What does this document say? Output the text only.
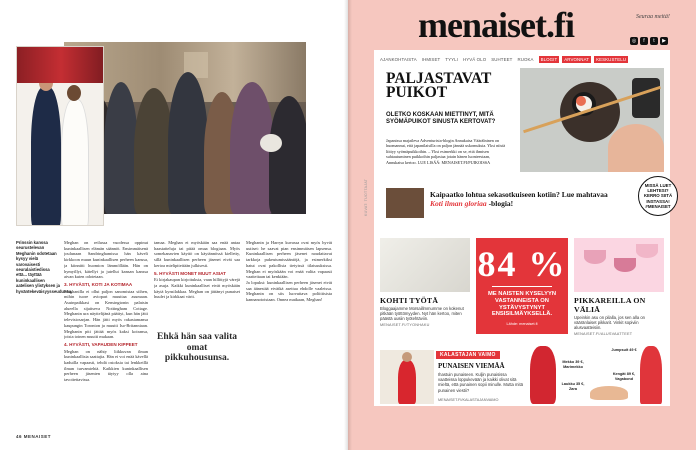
Prinssin kanssa seurustelevan Meghanin odotetaan kysyy vielä varovaisesti seuralaistiedissa että... täyttää kuninkaallisen aatelisen ylistyksen ja hyväntekeväisyysseudunsa.
Meghan on reilussa vuodessa oppinut kuninkaallisen elämän säännöt. Ensimmäisenä joulunaan Sandringhamissa hän käveli kirkkoon muun kuninkaallisen perheen kanssa, ja kiinnitti huomion lämmöllään. Hän on hymyillyt, kätellyt ja jutellut kansan kanssa aivan kuten odotetaan.
3. HYVÄSTI, KOTI JA KOTIMAA
Meghanilla ei ollut paljon sanomistaa siihen, mihin tuore aviopari muuttaa asumaan. Asuinpaikkasi on Kensingtonin palatsin alueella sijaitseva Nottingham Cottage. Meghanin ura näyttelijänä päättyi, kun hän jätti televisiosarjan. Hän jätti myös rakastamansa kaupungin Toronton ja muutti Iso-Britanniaan. Meghanin piti jättää myös kaksi koiransa, joista toinen muutti mukaan.
4. HYVÄSTI, VAPAUDEN KIPPEET
Meghan on nähty liikkuvan ilman kuninkaallisia saattajia. Hän ei voi enää kävellä kaduilla vapaasti, tehdä ostoksia tai lenkkeillä ilman turvamiehiä. Kaikkien kuninkaallisen perheen jäsenten täytyy olla aina tavoitettavissa.
tamaa. Meghan ei myöskään saa enää antaa haastatteluja tai pitää omaa blogiaan. Myös somekanavien käyttö on käytännössä kielletty, sillä kuninkaallisen perheen jäsenet eivät saa kertoa mielipiteitään julkisesti.
5. HYVÄSTI MONET MUUT ASIAT
Et kirjakaupan kirjoituksia, vaan hillittyjä värejä ja asuja. Kaikki kuninkaalliset eivät myöskään käytä kynsilakkaa. Meghan on jättänyt punaiset huulet ja kirkkaat värit.
Ehkä hän saa valita omat pikkuhousunsa.
Meghanin ja Harryn kuvassa ovat myös hyvät uutiset: he saavat pian ensimmäisen lapsensa. Kuninkaallisen perheen jäsenet noudattavat tarkkoja pukeutumissääntöjä, ja esimerkiksi hatut ovat pakollisia tietyissä tilaisuuksissa. Meghan ei myöskään voi enää valita vapaasti vaatteitaan tai kenkiään.
Ja lopuksi: kuninkaallisen perheen jäsenet eivät saa äänestää eivätkä asettua ehdolle vaaleissa. Meghanin on siis luovuttava poliittisista kannanotoistaan. Onnea matkaan, Meghan!
46 MENAISET
menaiset.fi	Seuraa meitä!
◎	f	t	▶
AJANKOHTAISTA IHMISET TYYLI HYVÄ OLO SUHTEET RUOKA	BLOGIT	ARVONNAT	KESKUSTELU
PALJASTAVAT PUIKOT
OLETKO KOSKAAN MIETTINYT, MITÄ SYÖMÄPUIKOT SINUSTA KERTOVAT?
Japanissa majaileva Adventurista-blogin Annukaisa Väärälninen on huomannut, että japanilaisilla on paljon jännää uskomuksia. Yksi niistä liittyy syömäpuikkoihin. – Yksi esimerkki on se, että ihmisen suhtautuminen puikkoihin paljastaa jotain hänen luonteestaan, Annukaisa kertoo. LUE LISÄÄ: MENAISET.FI/PUIKOISSA
Kaipaatko lohtua sekasotkuiseen kotiin? Lue mahtavaa Koti ilman gloriaa -blogia!
KOHTI TYÖTÄ
Bloggaajamme Morsaillmmumme on kokenut pitkään työttömyyden. Nyt hän kertoo, miten päästä uusiin työtehtäviin.
MENAISET.FI/TYONHAKU
84 %
ME NAISTEN KYSELYYN VASTANNEISTA ON YSTÄVYSTYNYT ENSISILMÄYKSELLÄ.
Lähde: menaiset.fi
PIKKAREILLA ON VÄLIÄ
Upeinkin asu on pilalla, jos sen alla on vääränlaiset pikkarit. Vinkit sopiviin alusvaatteisiin.
MENAISET.FI/ALUSVAATTEET
KALASTAJAN VAIMO
PUNAISEN VIEMÄÄ
Ihastuin punaiseen. Kuljin punaisissa vaatteissa loppukevään ja kaikki olivat sitä mieltä, että punainen sopii minulle. Mutta mitä punainen viestii?
MENAISET.FI/KALASTAJANVAIMO
Mekko 39 €, Marimekko
Jumpsuit 49 €
Kengät 89 €, Vagabond
Laukku 35 €, Zara
MISSÄ LUET LEHTESI? KERRO SIITÄ INSTASSA! #MENAISET
KUVAT: TUOTTAJAT
